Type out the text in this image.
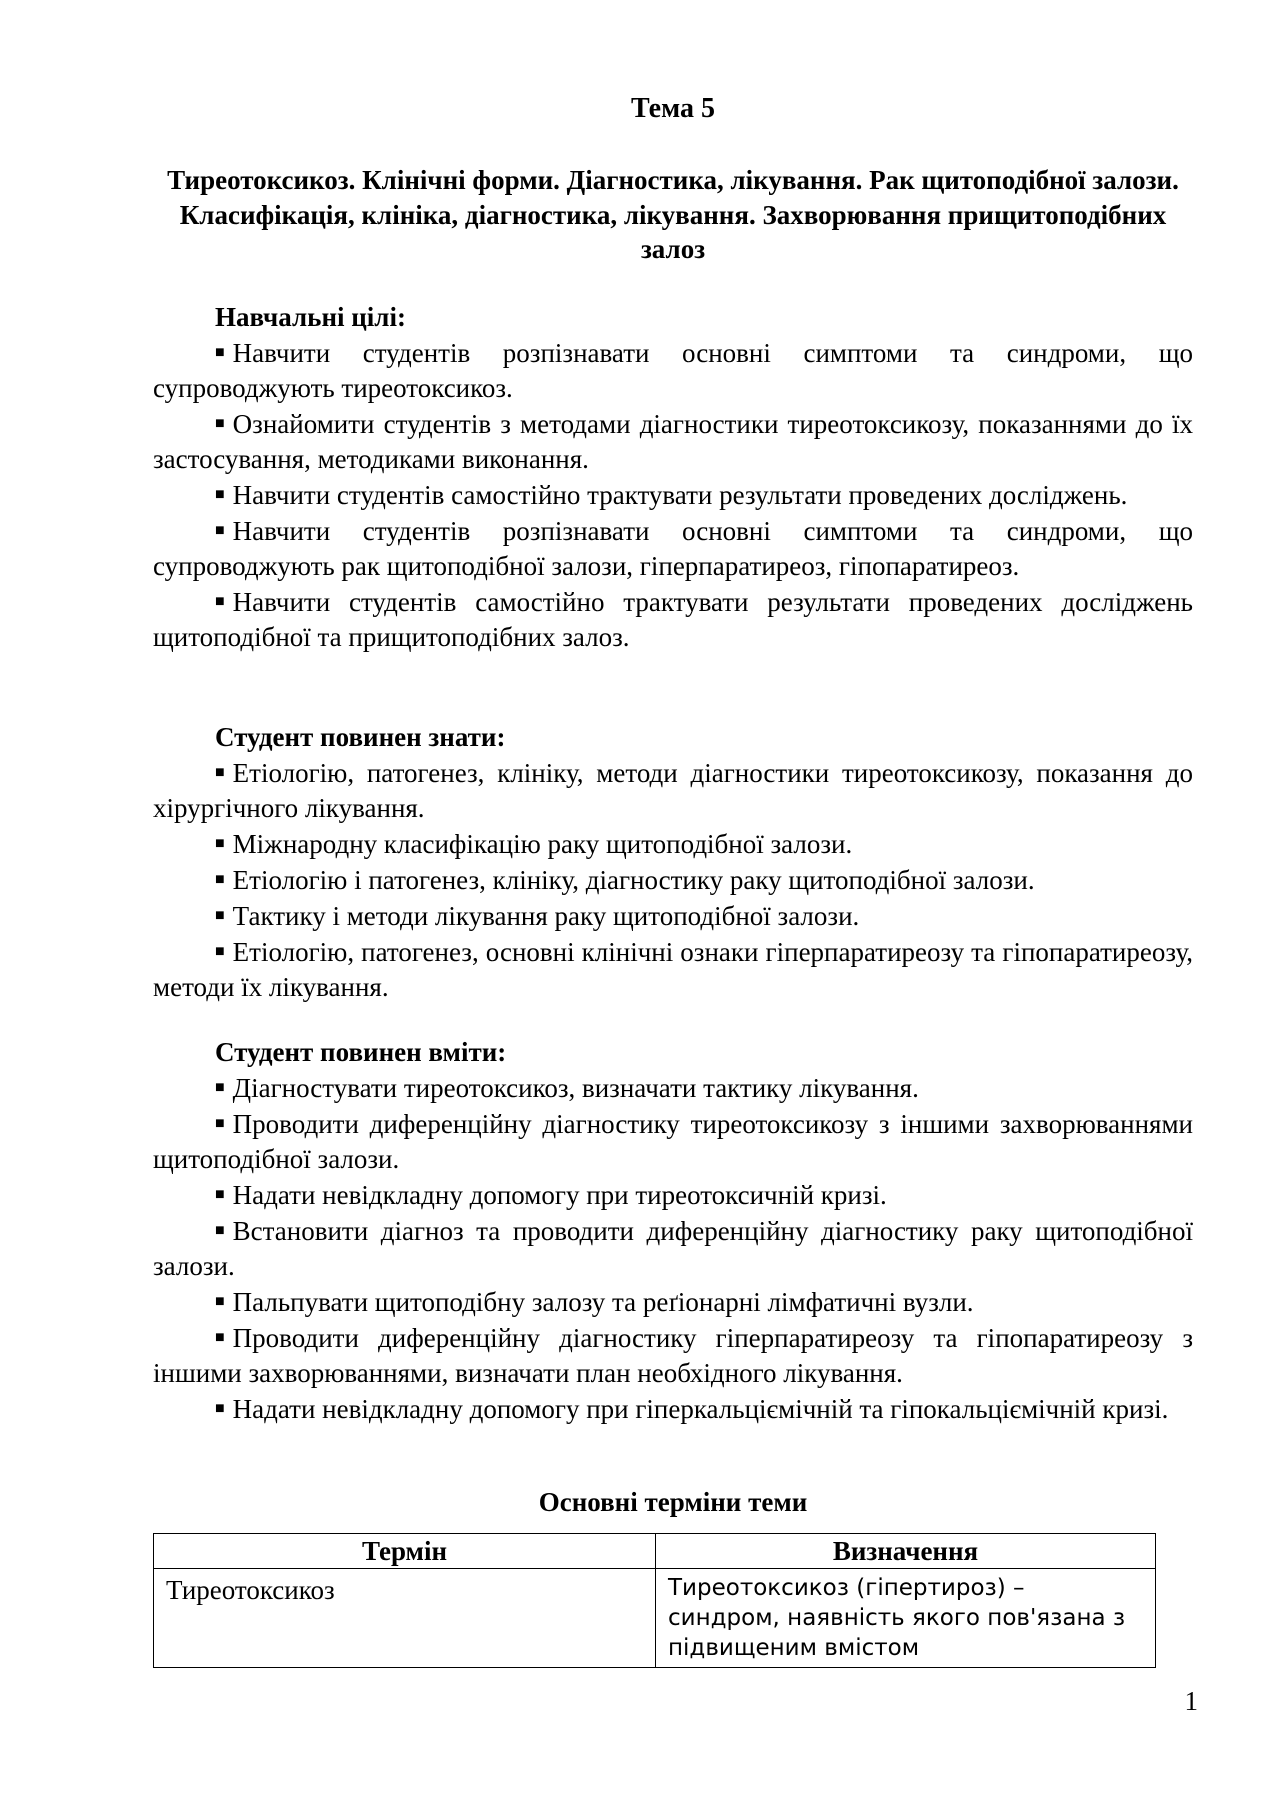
Тема 5
Тиреотоксикоз. Клінічні форми. Діагностика, лікування. Рак щитоподібної залози. Класифікація, клініка, діагностика, лікування. Захворювання прищитоподібних залоз
Навчальні цілі:
■ Навчити студентів розпізнавати основні симптоми та синдроми, що супроводжують тиреотоксикоз.
■ Ознайомити студентів з методами діагностики тиреотоксикозу, показаннями до їх застосування, методиками виконання.
■ Навчити студентів самостійно трактувати результати проведених досліджень.
■ Навчити студентів розпізнавати основні симптоми та синдроми, що супроводжують рак щитоподібної залози, гіперпаратиреоз, гіпопаратиреоз.
■ Навчити студентів самостійно трактувати результати проведених досліджень щитоподібної та прищитоподібних залоз.
Студент повинен знати:
■ Етіологію, патогенез, клініку, методи діагностики тиреотоксикозу, показання до хірургічного лікування.
■ Міжнародну класифікацію раку щитоподібної залози.
■ Етіологію і патогенез, клініку, діагностику раку щитоподібної залози.
■ Тактику і методи лікування раку щитоподібної залози.
■ Етіологію, патогенез, основні клінічні ознаки гіперпаратиреозу та гіпопаратиреозу, методи їх лікування.
Студент повинен вміти:
■ Діагностувати тиреотоксикоз, визначати тактику лікування.
■ Проводити диференційну діагностику тиреотоксикозу з іншими захворюваннями щитоподібної залози.
■ Надати невідкладну допомогу при тиреотоксичній кризі.
■ Встановити діагноз та проводити диференційну діагностику раку щитоподібної залози.
■ Пальпувати щитоподібну залозу та реґіонарні лімфатичні вузли.
■ Проводити диференційну діагностику гіперпаратиреозу та гіпопаратиреозу з іншими захворюваннями, визначати план необхідного лікування.
■ Надати невідкладну допомогу при гіперкальціємічній та гіпокальціємічній кризі.
Основні терміни теми
Термін	Визначення
Тиреотоксикоз	Тиреотоксикоз (гіпертироз) – синдром, наявність якого пов'язана з підвищеним вмістом
1
